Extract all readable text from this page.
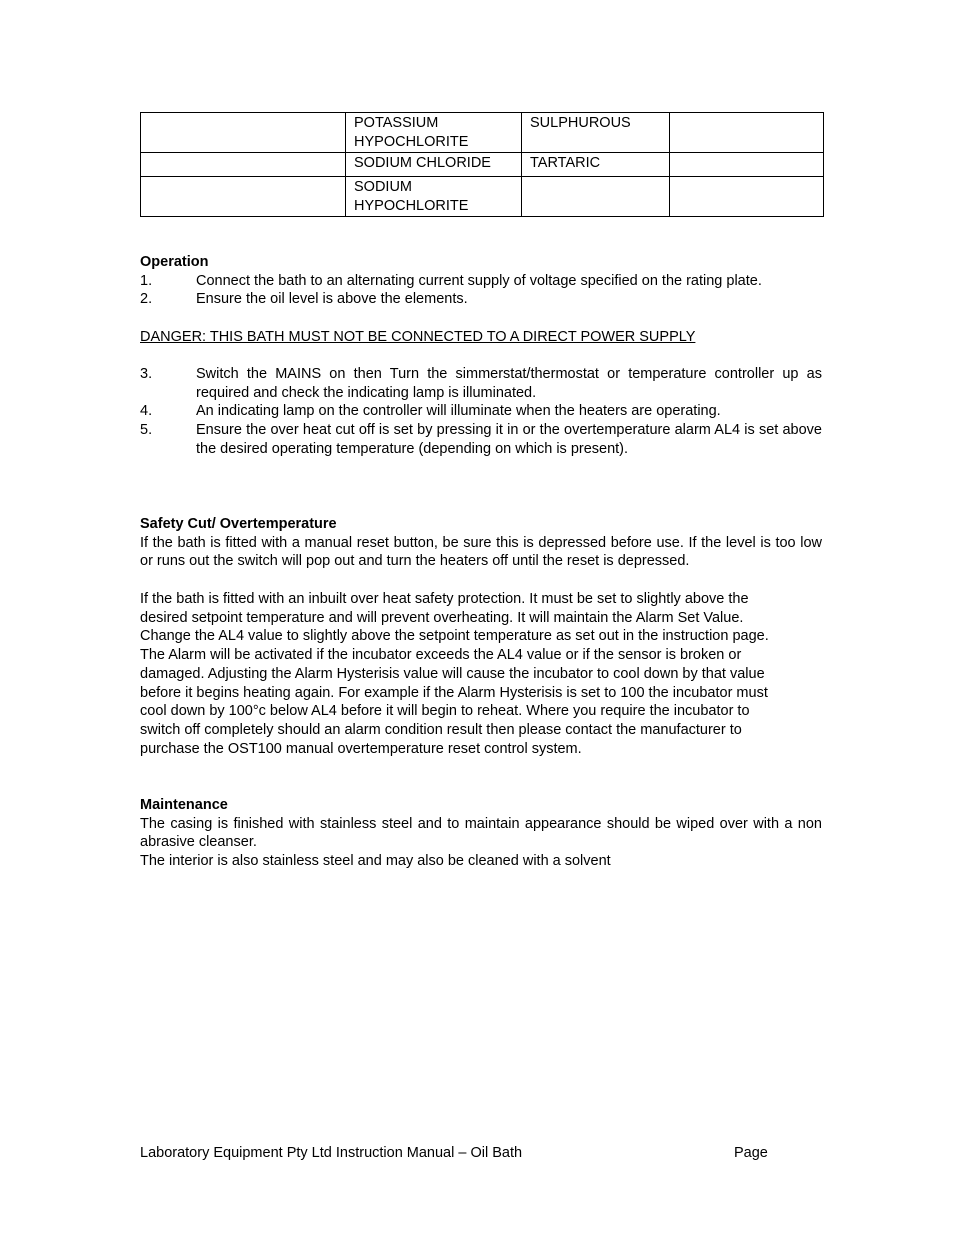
	POTASSIUM HYPOCHLORITE	SULPHUROUS	
	SODIUM CHLORIDE	TARTARIC	
	SODIUM HYPOCHLORITE		
Operation
1.	Connect the bath to an alternating current supply of voltage specified on the rating plate.
2.	Ensure the oil level is above the elements.
DANGER: THIS BATH MUST NOT BE CONNECTED TO A DIRECT POWER SUPPLY
3.	Switch the MAINS on then Turn the simmerstat/thermostat or temperature controller up as required and check the indicating lamp is illuminated.
4.	An indicating lamp on the controller will illuminate when the heaters are operating.
5.	Ensure the over heat cut off is set by pressing it in or the overtemperature alarm AL4 is set above the desired operating temperature (depending on which is present).
Safety Cut/ Overtemperature
If the bath is fitted with a manual reset button, be sure this is depressed before use. If the level is too low or runs out the switch will pop out and turn the heaters off until the reset is depressed.
If the bath is fitted with an inbuilt over heat safety protection. It must be set to slightly above the
desired setpoint temperature and will prevent overheating. It will maintain the Alarm Set Value.
Change the AL4 value to slightly above the setpoint temperature as set out in the instruction page.
The Alarm will be activated if the incubator exceeds the AL4 value or if the sensor is broken or
damaged. Adjusting the Alarm Hysterisis value will cause the incubator to cool down by that value
before it begins heating again. For example if the Alarm Hysterisis is set to 100 the incubator must
cool down by 100°c below AL4 before it will begin to reheat. Where you require the incubator to
switch off completely should an alarm condition result then please contact the manufacturer to
purchase the OST100 manual overtemperature reset control system.
Maintenance
The casing is finished with stainless steel and to maintain appearance should be wiped over with a non abrasive cleanser.
The interior is also stainless steel and may also be cleaned with a solvent
Laboratory Equipment Pty Ltd Instruction Manual – Oil Bath	Page
